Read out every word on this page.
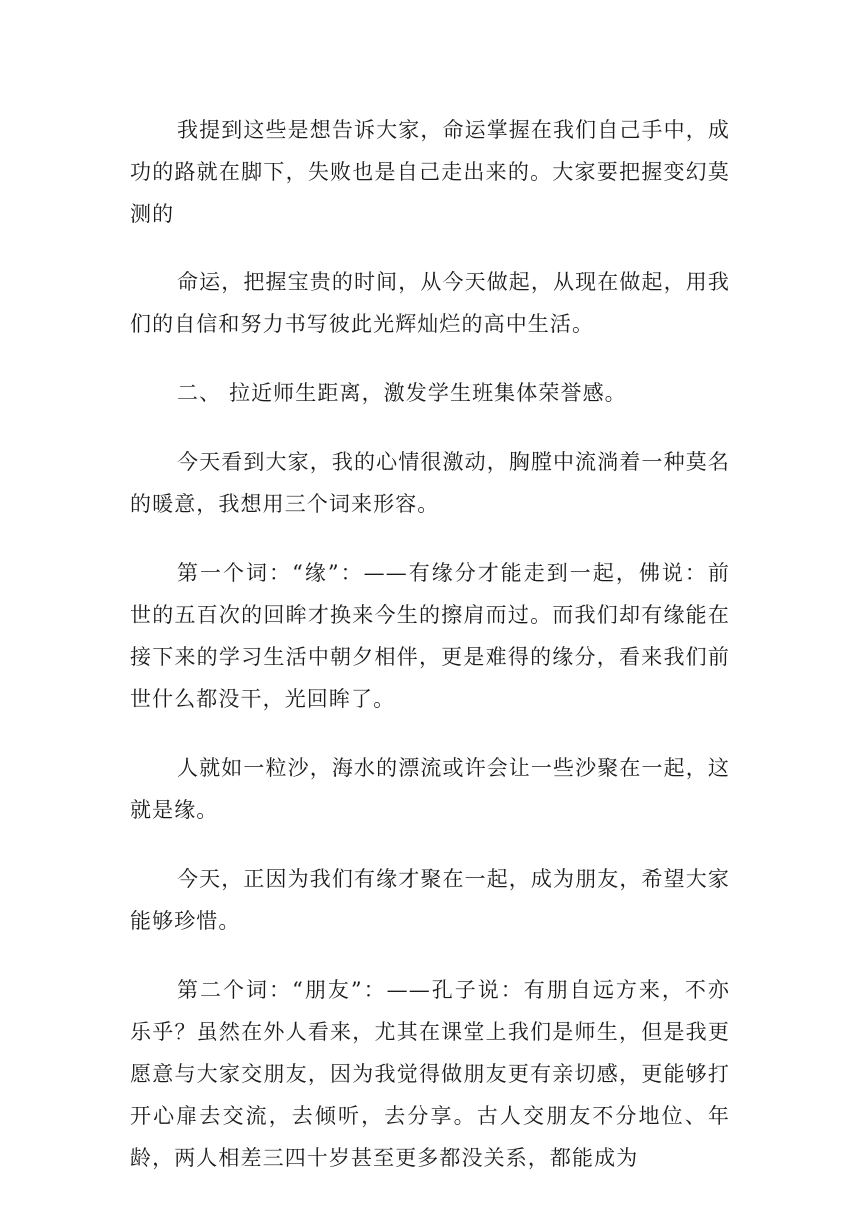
我提到这些是想告诉大家，命运掌握在我们自己手中，成功的路就在脚下，失败也是自己走出来的。大家要把握变幻莫测的

命运，把握宝贵的时间，从今天做起，从现在做起，用我们的自信和努力书写彼此光辉灿烂的高中生活。

二、 拉近师生距离，激发学生班集体荣誉感。

今天看到大家，我的心情很激动，胸膛中流淌着一种莫名的暖意，我想用三个词来形容。

第一个词：“缘”：——有缘分才能走到一起，佛说：前世的五百次的回眸才换来今生的擦肩而过。而我们却有缘能在接下来的学习生活中朝夕相伴，更是难得的缘分，看来我们前世什么都没干，光回眸了。

人就如一粒沙，海水的漂流或许会让一些沙聚在一起，这就是缘。

今天，正因为我们有缘才聚在一起，成为朋友，希望大家能够珍惜。

第二个词：“朋友”：——孔子说：有朋自远方来，不亦乐乎？虽然在外人看来，尤其在课堂上我们是师生，但是我更愿意与大家交朋友，因为我觉得做朋友更有亲切感，更能够打开心扉去交流，去倾听，去分享。古人交朋友不分地位、年龄，两人相差三四十岁甚至更多都没关系，都能成为
